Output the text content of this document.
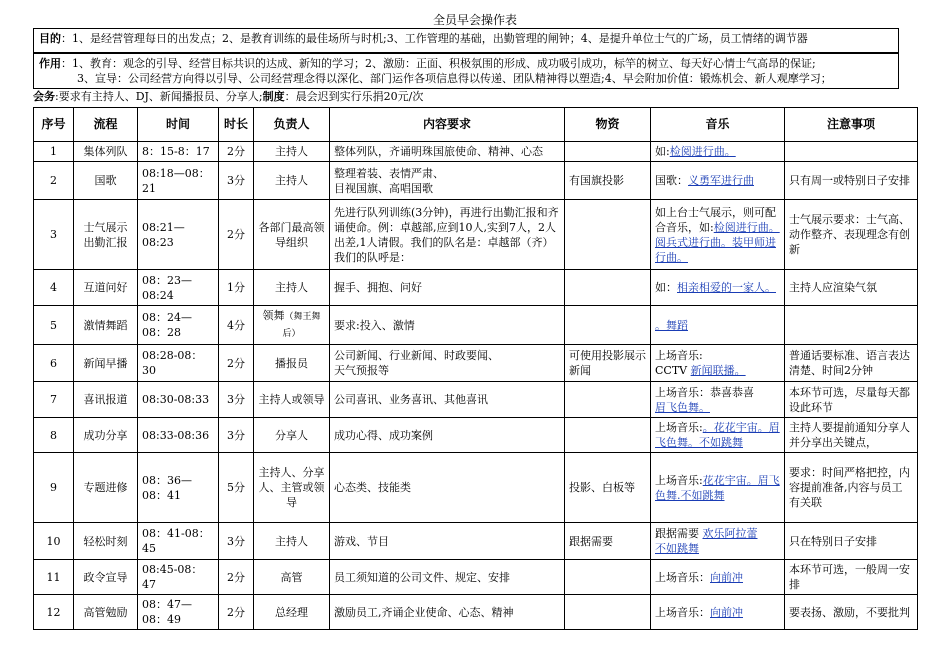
全员早会操作表
目的：1、是经营管理每日的出发点；2、是教育训练的最佳场所与时机;3、工作管理的基础，出勤管理的闸钟；4、是提升单位士气的广场，员工情绪的调节器
作用：1、教育：观念的引导、经营目标共识的达成、新知的学习；2、激励：正面、积极氛围的形成、成功吸引成功，标竿的树立、每天好心情士气高昂的保证;
3、宣导：公司经营方向得以引导、公司经营理念得以深化、部门运作各项信息得以传递、团队精神得以塑造;4、早会附加价值：锻炼机会、新人观摩学习；
会务:要求有主持人、DJ、新闻播报员、分享人;制度：晨会迟到实行乐捐20元/次
序号	流程	时间	时长	负责人	内容要求	物资	音乐	注意事项
1	集体列队	8：15-8：17	2分	主持人	整体列队，齐诵明珠国旅使命、精神、心态		如:检阅进行曲。	
2	国歌	08:18—08：21	3分	主持人	整理着装、表情严肃、
目视国旗、高唱国歌	有国旗投影	国歌：义勇军进行曲	只有周一或特别日子安排
3	士气展示
出勤汇报	08:21—08:23	2分	各部门最高领导组织	先进行队列训练(3分钟)，再进行出勤汇报和齐诵使命。例：卓越部,应到10人,实到7人，2人出差,1人请假。我们的队名是：卓越部（齐）我们的队呼是：		如上台士气展示，则可配合音乐，如:检阅进行曲。阅兵式进行曲。装甲师进行曲。	士气展示要求：士气高、动作整齐、表现理念有创新
4	互道问好	08：23—08:24	1分	主持人	握手、拥抱、问好		如：相亲相爱的一家人。	主持人应渲染气氛
5	激情舞蹈	08：24—08：28	4分	领舞（舞王舞后）	要求:投入、激情		。舞蹈	
6	新闻早播	08:28-08：30	2分	播报员	公司新闻、行业新闻、时政要闻、
天气预报等	可使用投影展示新闻	上场音乐:
CCTV 新闻联播。	普通话要标准、语言表达清楚、时间2分钟
7	喜讯报道	08:30-08:33	3分	主持人或领导	公司喜讯、业务喜讯、其他喜讯		上场音乐：恭喜恭喜
眉飞色舞。	本环节可选，尽量每天都设此环节
8	成功分享	08:33-08:36	3分	分享人	成功心得、成功案例		上场音乐:。花花宇宙。眉飞色舞。不如跳舞	主持人要提前通知分享人并分享出关键点，
9	专题进修	08：36—08：41	5分	主持人、分享人、主管或领导	心态类、技能类	投影、白板等	上场音乐:花花宇宙。眉飞色舞.不如跳舞	要求：时间严格把控，内容提前准备,内容与员工有关联
10	轻松时刻	08：41-08：45	3分	主持人	游戏、节目	跟据需要	跟据需要 欢乐阿拉蕾
不如跳舞	只在特别日子安排
11	政令宣导	08:45-08：47	2分	高管	员工须知道的公司文件、规定、安排		上场音乐：向前冲	本环节可选，一般周一安排
12	高管勉励	08：47—08：49	2分	总经理	激励员工,齐诵企业使命、心态、精神		上场音乐：向前冲	要表扬、激励，不要批判
